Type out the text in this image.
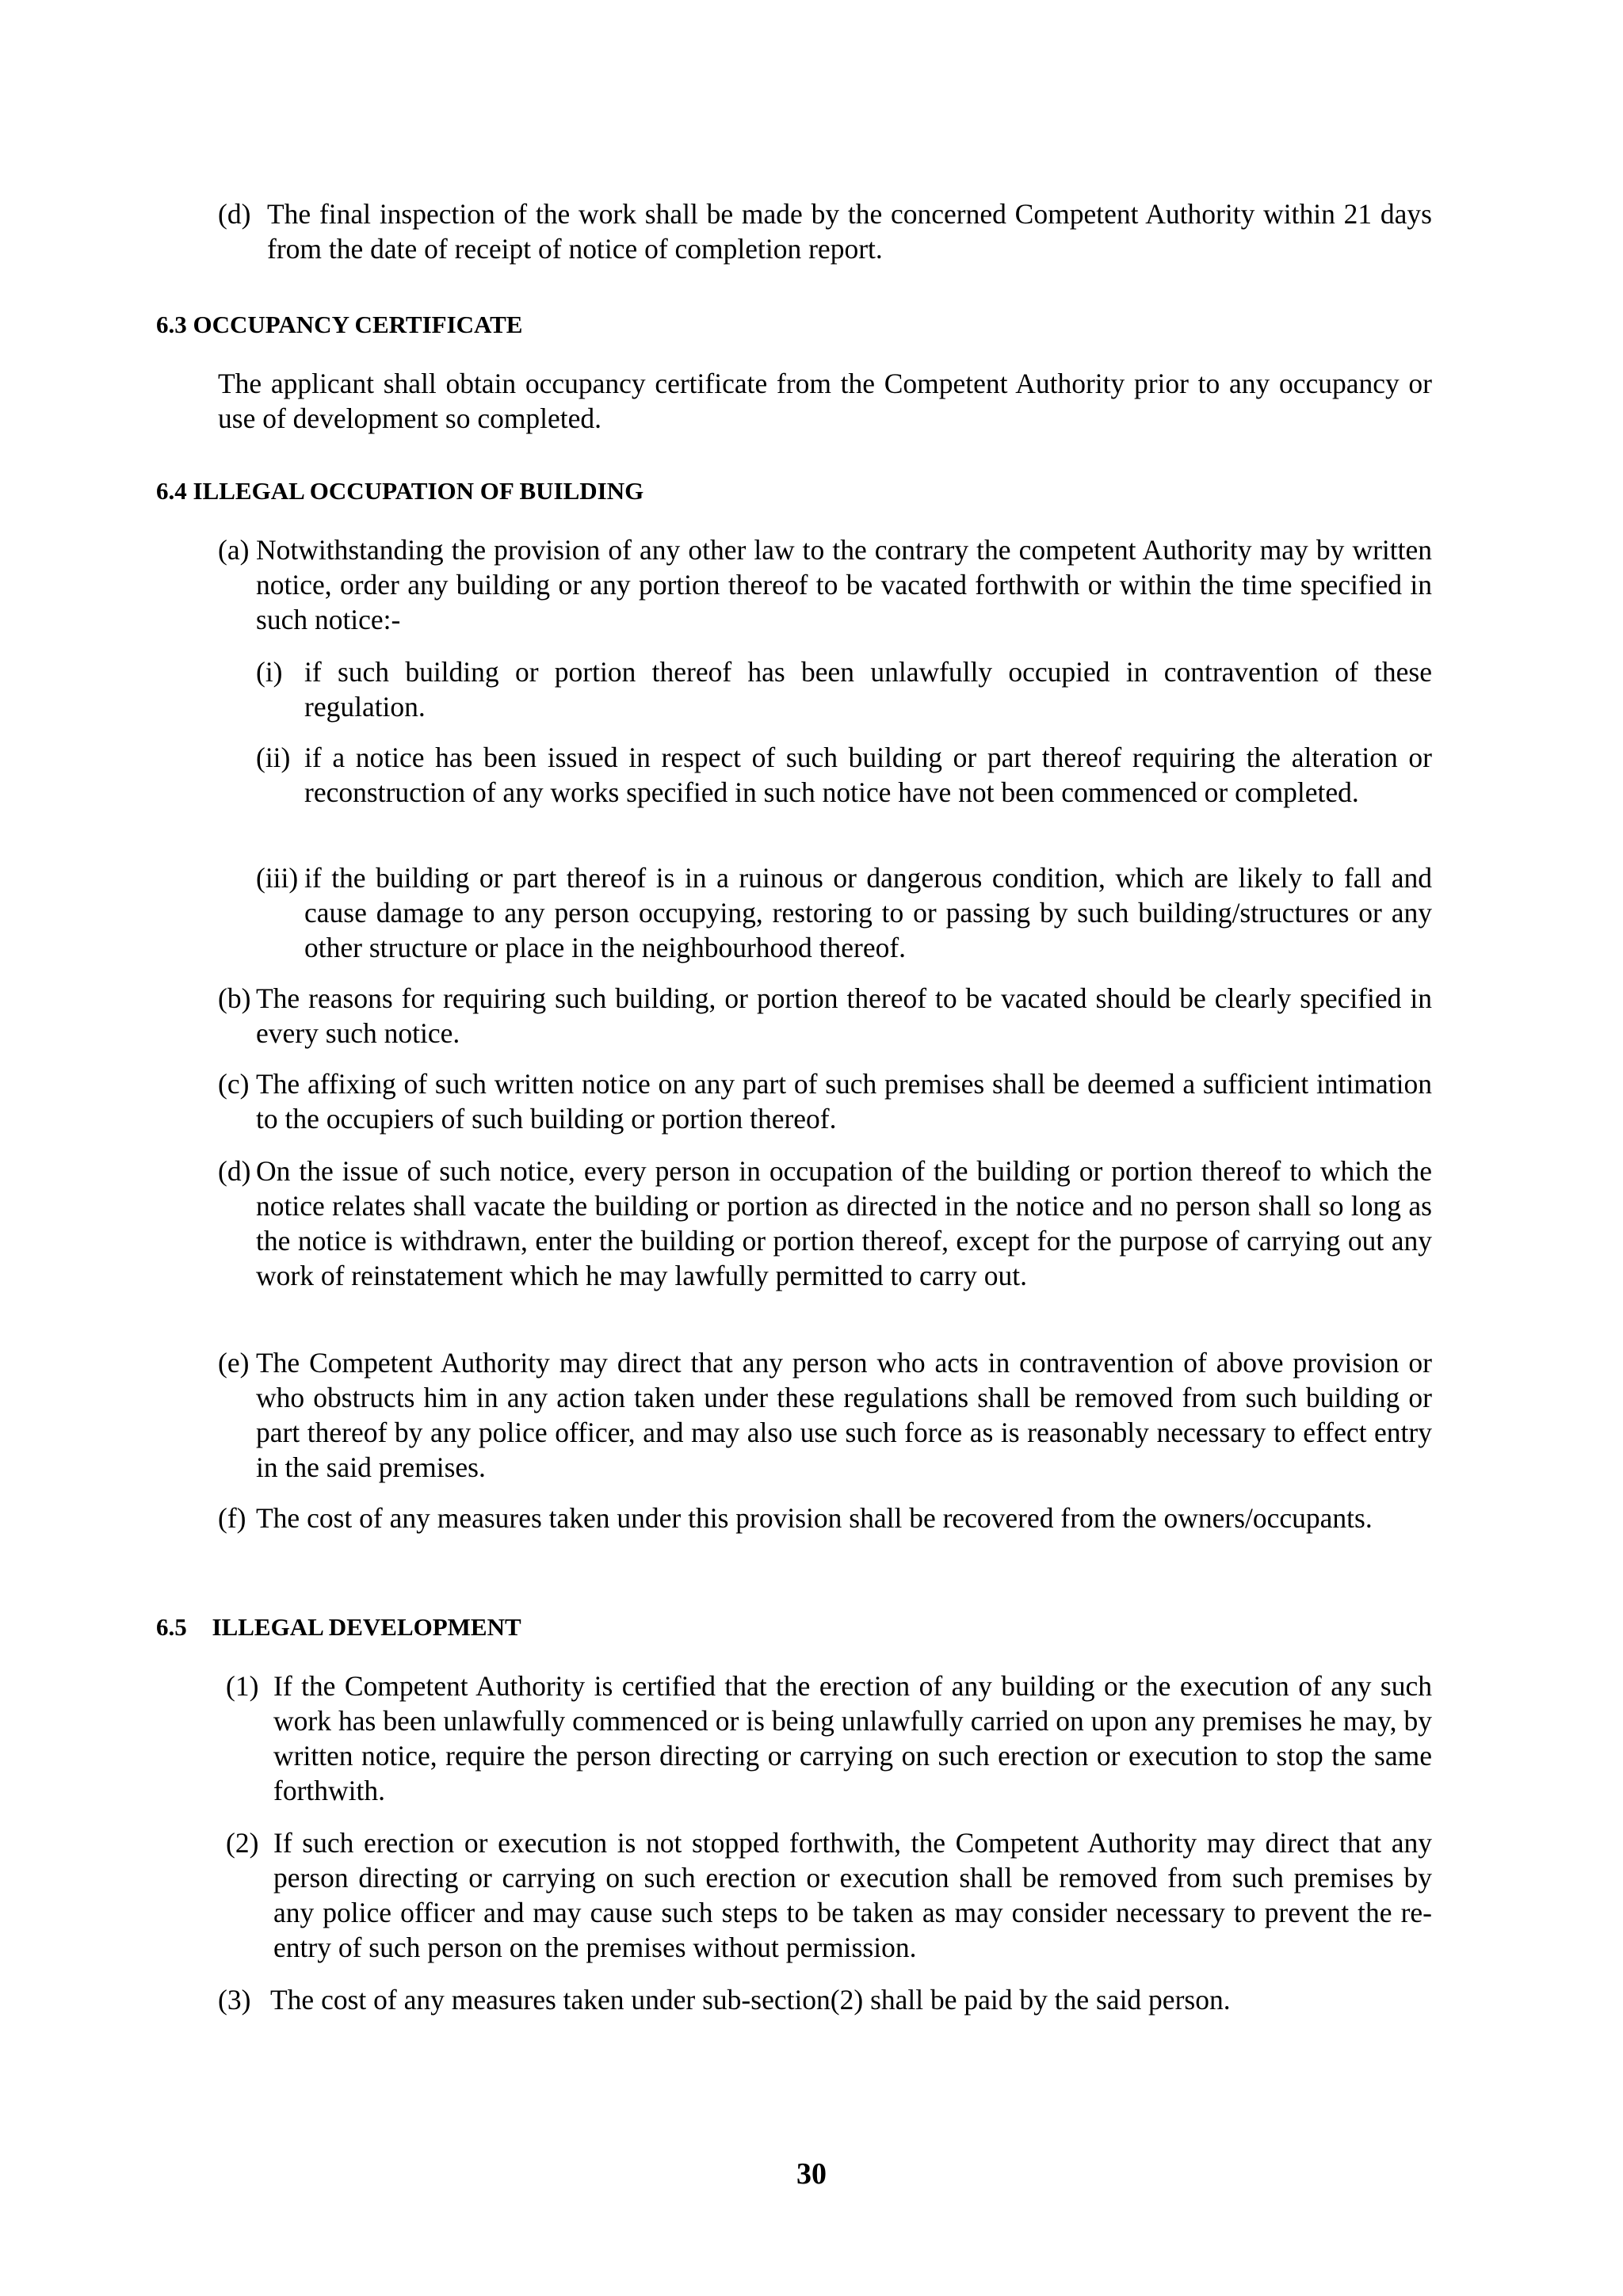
(d) The final inspection of the work shall be made by the concerned Competent Authority within 21 days from the date of receipt of notice of completion report.
6.3 OCCUPANCY CERTIFICATE
The applicant shall obtain occupancy certificate from the Competent Authority prior to any occupancy or use of development so completed.
6.4 ILLEGAL OCCUPATION OF BUILDING
(a) Notwithstanding the provision of any other law to the contrary the competent Authority may by written notice, order any building or any portion thereof to be vacated forthwith or within the time specified in such notice:-
(i) if such building or portion thereof has been unlawfully occupied in contravention of these regulation.
(ii) if a notice has been issued in respect of such building or part thereof requiring the alteration or reconstruction of any works specified in such notice have not been commenced or completed.
(iii) if the building or part thereof is in a ruinous or dangerous condition, which are likely to fall and cause damage to any person occupying, restoring to or passing by such building/structures or any other structure or place in the neighbourhood thereof.
(b) The reasons for requiring such building, or portion thereof to be vacated should be clearly specified in every such notice.
(c) The affixing of such written notice on any part of such premises shall be deemed a sufficient intimation to the occupiers of such building or portion thereof.
(d) On the issue of such notice, every person in occupation of the building or portion thereof to which the notice relates shall vacate the building or portion as directed in the notice and no person shall so long as the notice is withdrawn, enter the building or portion thereof, except for the purpose of carrying out any work of reinstatement which he may lawfully permitted to carry out.
(e) The Competent Authority may direct that any person who acts in contravention of above provision or who obstructs him in any action taken under these regulations shall be removed from such building or part thereof by any police officer, and may also use such force as is reasonably necessary to effect entry in the said premises.
(f) The cost of any measures taken under this provision shall be recovered from the owners/occupants.
6.5 ILLEGAL DEVELOPMENT
(1) If the Competent Authority is certified that the erection of any building or the execution of any such work has been unlawfully commenced or is being unlawfully carried on upon any premises he may, by written notice, require the person directing or carrying on such erection or execution to stop the same forthwith.
(2) If such erection or execution is not stopped forthwith, the Competent Authority may direct that any person directing or carrying on such erection or execution shall be removed from such premises by any police officer and may cause such steps to be taken as may consider necessary to prevent the re-entry of such person on the premises without permission.
(3) The cost of any measures taken under sub-section(2) shall be paid by the said person.
30
